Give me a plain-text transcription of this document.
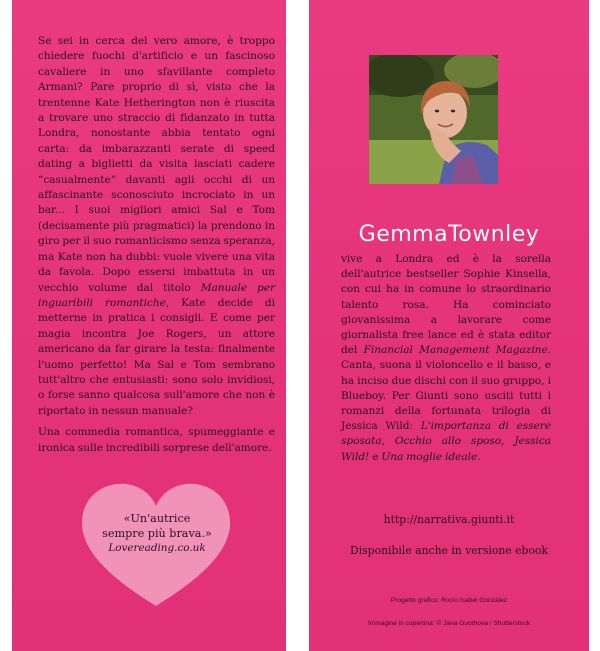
Se sei in cerca del vero amore, è troppo chiedere fuochi d'artificio e un fascinoso cavaliere in uno sfavillante completo Armani? Pare proprio di sì, visto che la trentenne Kate Hetherington non è riuscita a trovare uno straccio di fidanzato in tutta Londra, nonostante abbia tentato ogni carta: da imbarazzanti serate di speed dating a biglietti da visita lasciati cadere “casualmente” davanti agli occhi di un affascinante sconosciuto incrociato in un bar... I suoi migliori amici Sal e Tom (decisamente più pragmatici) la prendono in giro per il suo romanticismo senza speranza, ma Kate non ha dubbi: vuole vivere una vita da favola. Dopo essersi imbattuta in un vecchio volume dal titolo Manuale per inguaribili romantiche, Kate decide di metterne in pratica i consigli. E come per magia incontra Joe Rogers, un attore americano da far girare la testa: finalmente l'uomo perfetto! Ma Sal e Tom sembrano tutt'altro che entusiasti: sono solo invidiosi, o forse sanno qualcosa sull'amore che non è riportato in nessun manuale?

Una commedia romantica, spumeggiante e ironica sulle incredibili sorprese dell'amore.

«Un'autrice
sempre più brava.»
Lovereading.co.uk
GemmaTownley

vive a Londra ed è la sorella dell'autrice bestseller Sophie Kinsella, con cui ha in comune lo straordinario talento rosa. Ha cominciato giovanissima a lavorare come giornalista free lance ed è stata editor del Financial Management Magazine. Canta, suona il violoncello e il basso, e ha inciso due dischi con il suo gruppo, i Blueboy. Per Giunti sono usciti tutti i romanzi della fortunata trilogia di Jessica Wild: L'importanza di essere sposata, Occhio allo sposo, Jessica Wild! e Una moglie ideale.

http://narrativa.giunti.it
Disponibile anche in versione ebook
Progetto grafico: Rocio Isabel González
Immagine in copertina: © Jana Guothova / Shutterstock
